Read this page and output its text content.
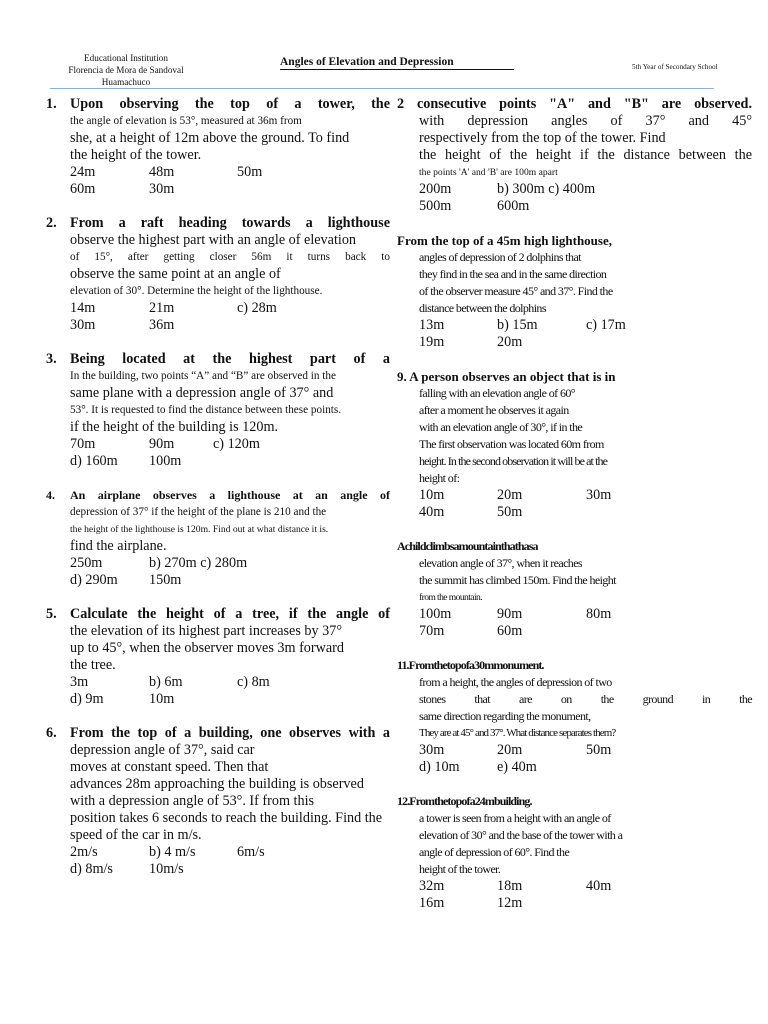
Educational Institution
Florencia de Mora de Sandoval
Huamachuco
Angles of Elevation and Depression	5th Year of Secondary School
1. Upon observing the top of a tower, the
the angle of elevation is 53°, measured at 36m from
she, at a height of 12m above the ground. To find
the height of the tower.
24m	48m	50m
60m	30m
2. From a raft heading towards a lighthouse
observe the highest part with an angle of elevation
of 15°, after getting closer 56m it turns back to
observe the same point at an angle of
elevation of 30°. Determine the height of the lighthouse.
14m	21m	c) 28m
30m	36m
3. Being located at the highest part of a
In the building, two points “A” and “B” are observed in the
same plane with a depression angle of 37° and
53°. It is requested to find the distance between these points.
if the height of the building is 120m.
70m	90m	c) 120m
d) 160m 100m
4. An airplane observes a lighthouse at an angle of
depression of 37° if the height of the plane is 210 and the
the height of the lighthouse is 120m. Find out at what distance it is.
find the airplane.
250m	b) 270m c) 280m
d) 290m 150m
5. Calculate the height of a tree, if the angle of
the elevation of its highest part increases by 37°
up to 45°, when the observer moves 3m forward
the tree.
3m	b) 6m	c) 8m
d) 9m	10m
6. From the top of a building, one observes with a
depression angle of 37°, said car
moves at constant speed. Then that
advances 28m approaching the building is observed
with a depression angle of 53°. If from this
position takes 6 seconds to reach the building. Find the
speed of the car in m/s.
2m/s	b) 4 m/s	6m/s
d) 8m/s	10m/s
2 consecutive points "A" and "B" are observed.
with depression angles of 37° and 45°
respectively from the top of the tower. Find
the height of the height if the distance between the
the points 'A' and 'B' are 100m apart
200m	b) 300m c) 400m
500m	600m
From the top of a 45m high lighthouse,
angles of depression of 2 dolphins that
they find in the sea and in the same direction
of the observer measure 45° and 37°. Find the
distance between the dolphins
13m	b) 15m	c) 17m
19m	20m
9. A person observes an object that is in
falling with an elevation angle of 60°
after a moment he observes it again
with an elevation angle of 30°, if in the
The first observation was located 60m from
height. In the second observation it will be at the
height of:
10m	20m	30m
40m	50m
Achildclimbsamountainthathasa
elevation angle of 37°, when it reaches
the summit has climbed 150m. Find the height
from the mountain.
100m	90m	80m
70m	60m
11.Fromthetopofa30mmonument.
from a height, the angles of depression of two
stones that are on the ground in the
same direction regarding the monument,
They are at 45° and 37°. What distance separates them?
30m	20m	50m
d) 10m	e) 40m
12.Fromthetopofa24mbuilding.
a tower is seen from a height with an angle of
elevation of 30° and the base of the tower with a
angle of depression of 60°. Find the
height of the tower.
32m	18m	40m
16m	12m
